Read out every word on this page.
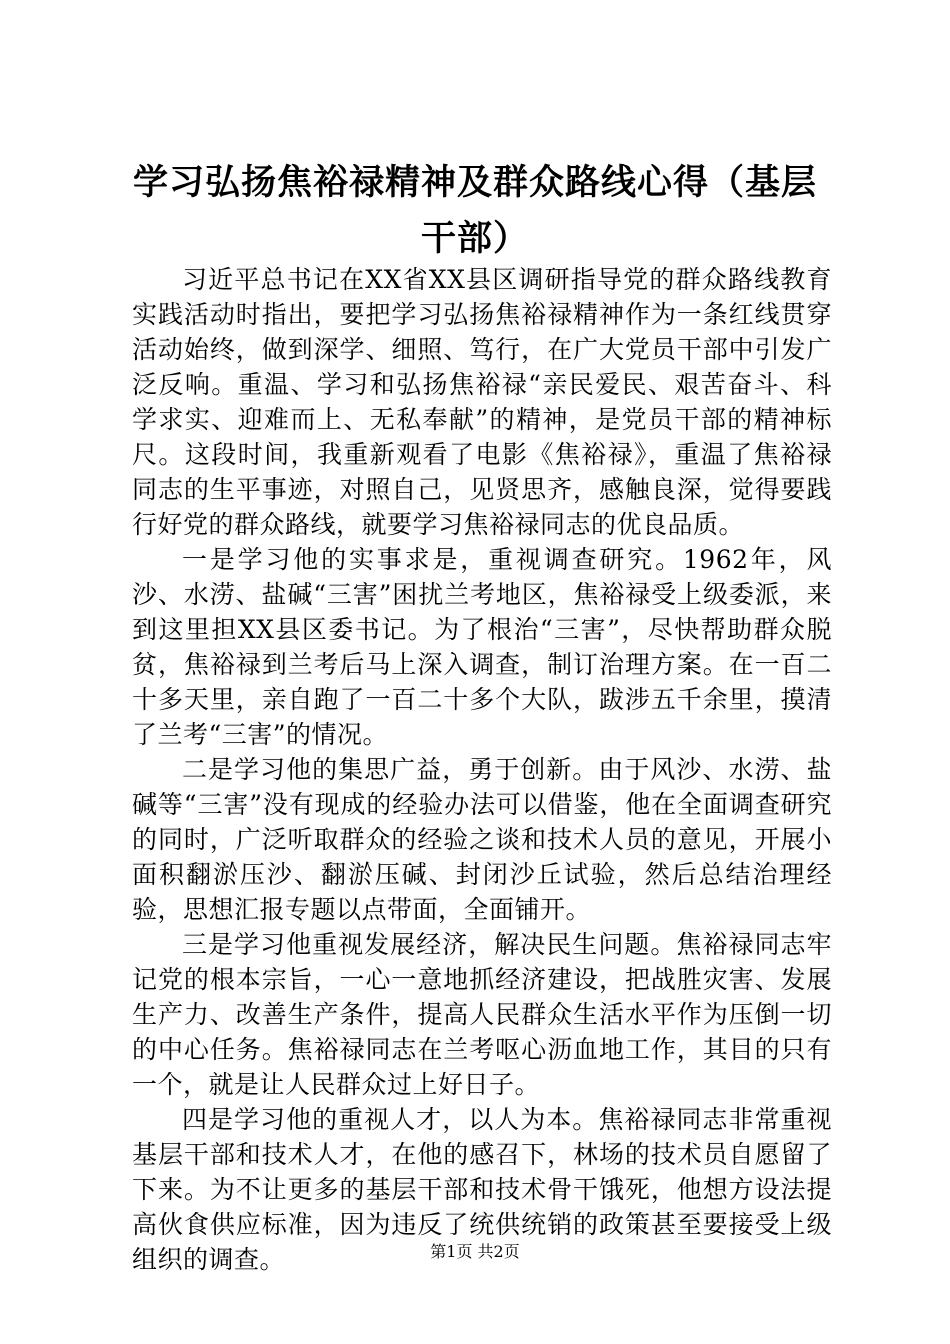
学习弘扬焦裕禄精神及群众路线心得（基层干部）

习近平总书记在XX省XX县区调研指导党的群众路线教育实践活动时指出，要把学习弘扬焦裕禄精神作为一条红线贯穿活动始终，做到深学、细照、笃行，在广大党员干部中引发广泛反响。重温、学习和弘扬焦裕禄“亲民爱民、艰苦奋斗、科学求实、迎难而上、无私奉献”的精神，是党员干部的精神标尺。这段时间，我重新观看了电影《焦裕禄》，重温了焦裕禄同志的生平事迹，对照自己，见贤思齐，感触良深，觉得要践行好党的群众路线，就要学习焦裕禄同志的优良品质。

一是学习他的实事求是，重视调查研究。1962年，风沙、水涝、盐碱“三害”困扰兰考地区，焦裕禄受上级委派，来到这里担XX县区委书记。为了根治“三害”，尽快帮助群众脱贫，焦裕禄到兰考后马上深入调查，制订治理方案。在一百二十多天里，亲自跑了一百二十多个大队，跋涉五千余里，摸清了兰考“三害”的情况。

二是学习他的集思广益，勇于创新。由于风沙、水涝、盐碱等“三害”没有现成的经验办法可以借鉴，他在全面调查研究的同时，广泛听取群众的经验之谈和技术人员的意见，开展小面积翻淤压沙、翻淤压碱、封闭沙丘试验，然后总结治理经验，思想汇报专题以点带面，全面铺开。

三是学习他重视发展经济，解决民生问题。焦裕禄同志牢记党的根本宗旨，一心一意地抓经济建设，把战胜灾害、发展生产力、改善生产条件，提高人民群众生活水平作为压倒一切的中心任务。焦裕禄同志在兰考呕心沥血地工作，其目的只有一个，就是让人民群众过上好日子。

四是学习他的重视人才，以人为本。焦裕禄同志非常重视基层干部和技术人才，在他的感召下，林场的技术员自愿留了下来。为不让更多的基层干部和技术骨干饿死，他想方设法提高伙食供应标准，因为违反了统供统销的政策甚至要接受上级组织的调查。	第1页 共2页
